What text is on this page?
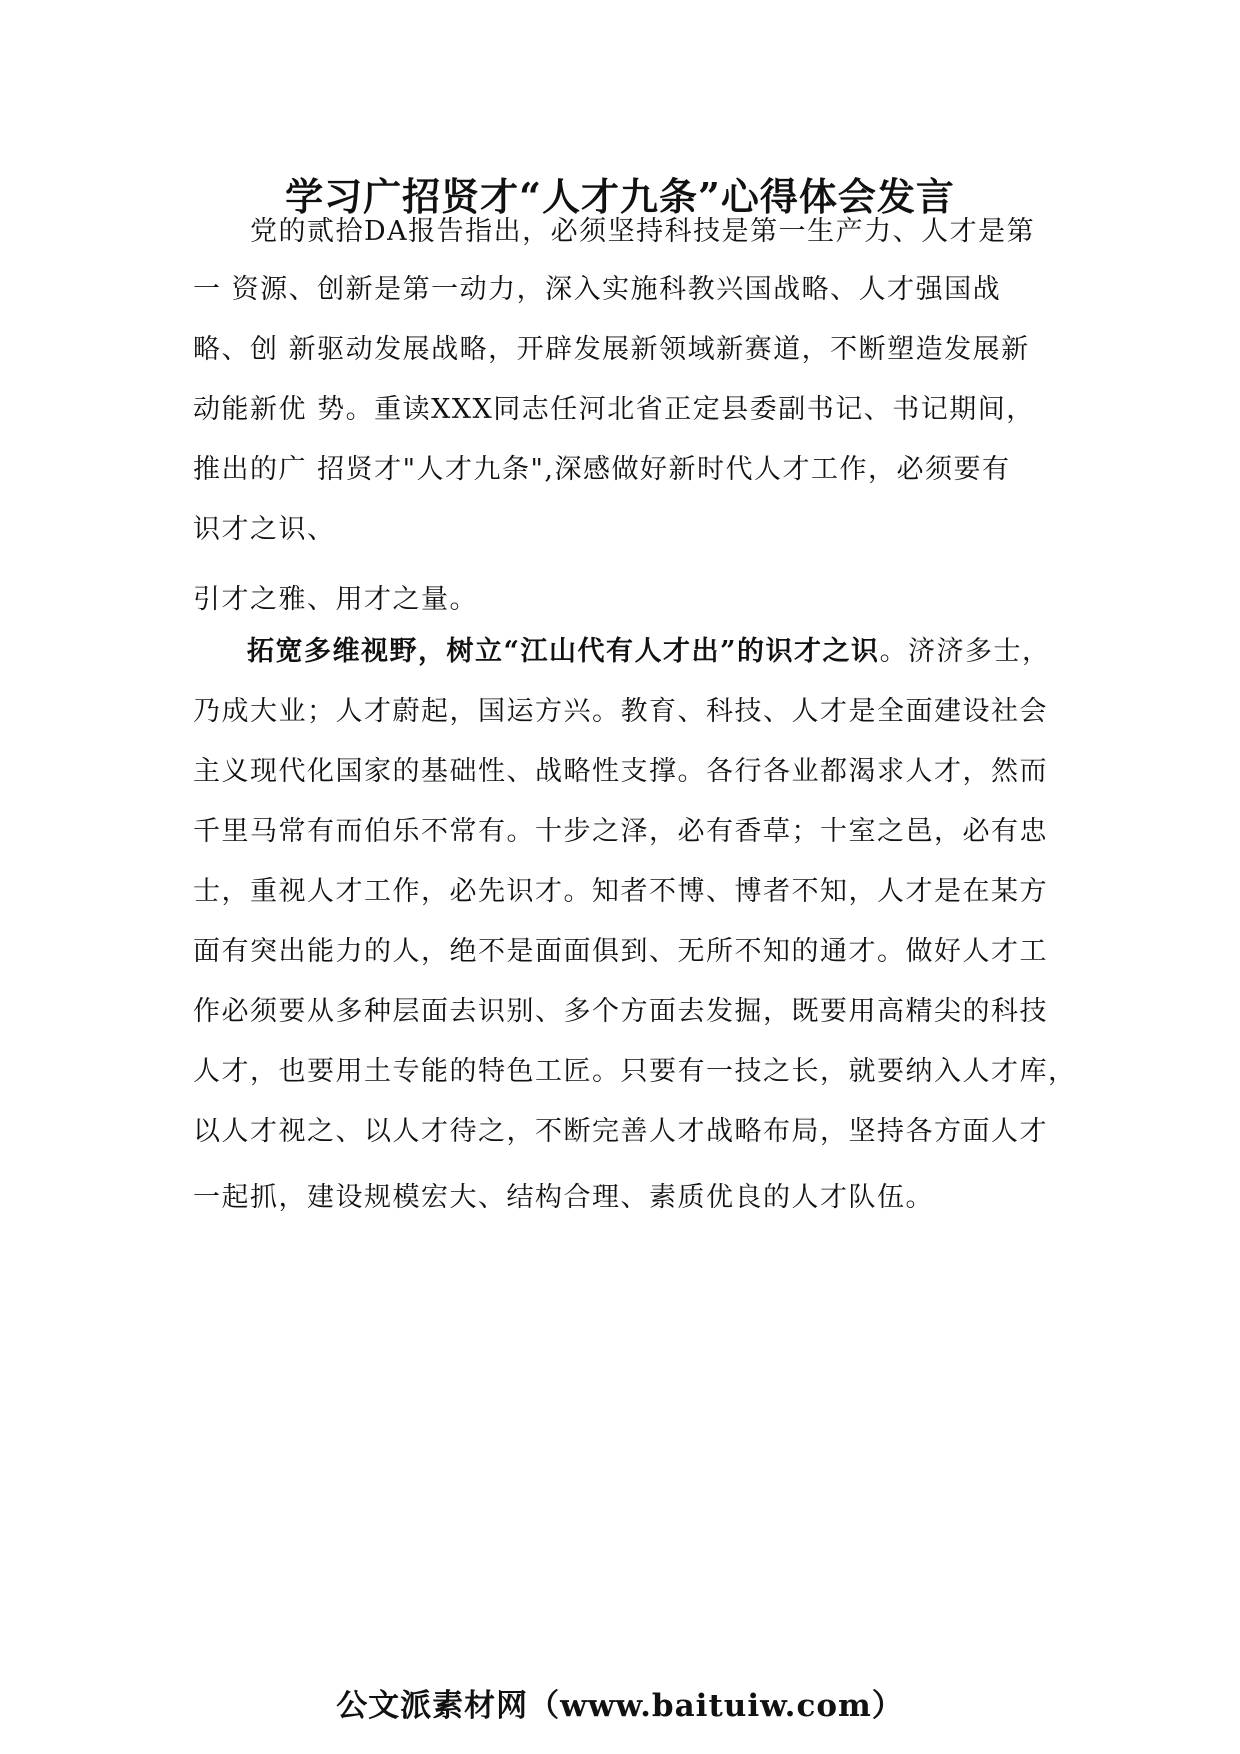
学习广招贤才“人才九条”心得体会发言
　　党的贰拾DA报告指出，必须坚持科技是第一生产力、人才是第
一 资源、创新是第一动力，深入实施科教兴国战略、人才强国战
略、创 新驱动发展战略，开辟发展新领域新赛道，不断塑造发展新
动能新优 势。重读XXX同志任河北省正定县委副书记、书记期间，
推出的广 招贤才"人才九条",深感做好新时代人才工作，必须要有
识才之识、
引才之雅、用才之量。
拓宽多维视野，树立“江山代有人才出”的识才之识。济济多士，
乃成大业；人才蔚起，国运方兴。教育、科技、人才是全面建设社会
主义现代化国家的基础性、战略性支撑。各行各业都渴求人才，然而
千里马常有而伯乐不常有。十步之泽，必有香草；十室之邑，必有忠
士，重视人才工作，必先识才。知者不博、博者不知，人才是在某方
面有突出能力的人，绝不是面面俱到、无所不知的通才。做好人才工
作必须要从多种层面去识别、多个方面去发掘，既要用高精尖的科技
人才，也要用土专能的特色工匠。只要有一技之长，就要纳入人才库，
以人才视之、以人才待之，不断完善人才战略布局，坚持各方面人才
一起抓，建设规模宏大、结构合理、素质优良的人才队伍。
公文派素材网（www.baituiw.com）
